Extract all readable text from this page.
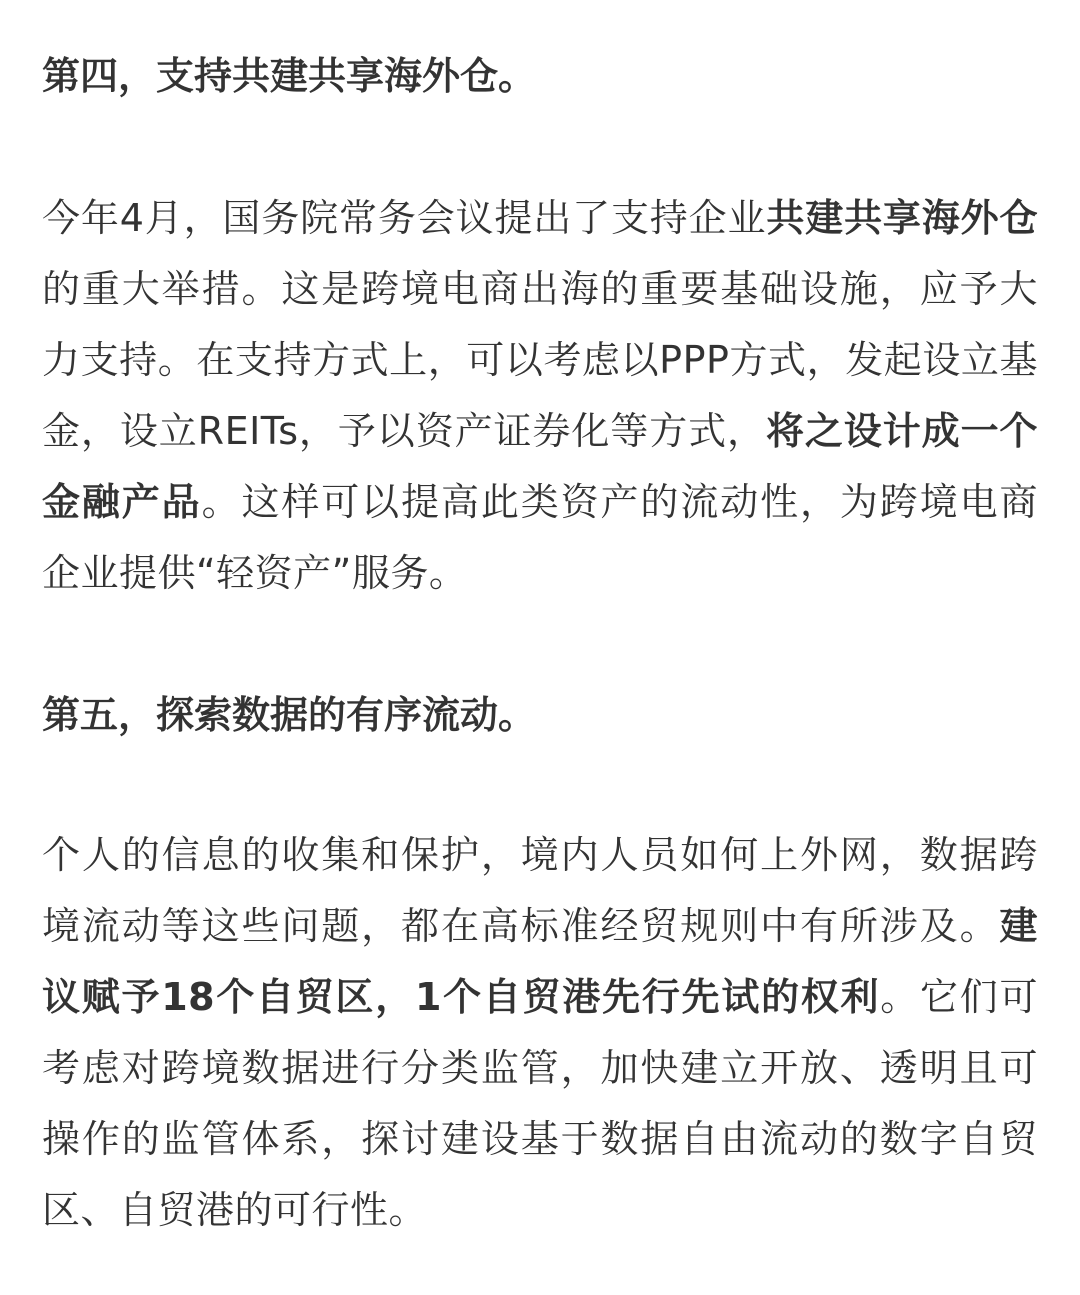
第四，支持共建共享海外仓。

今年4月，国务院常务会议提出了支持企业共建共享海外仓的重大举措。这是跨境电商出海的重要基础设施，应予大力支持。在支持方式上，可以考虑以PPP方式，发起设立基金，设立REITs，予以资产证券化等方式，将之设计成一个金融产品。这样可以提高此类资产的流动性，为跨境电商企业提供“轻资产”服务。

第五，探索数据的有序流动。

个人的信息的收集和保护，境内人员如何上外网，数据跨境流动等这些问题，都在高标准经贸规则中有所涉及。建议赋予18个自贸区，1个自贸港先行先试的权利。它们可考虑对跨境数据进行分类监管，加快建立开放、透明且可操作的监管体系，探讨建设基于数据自由流动的数字自贸区、自贸港的可行性。
